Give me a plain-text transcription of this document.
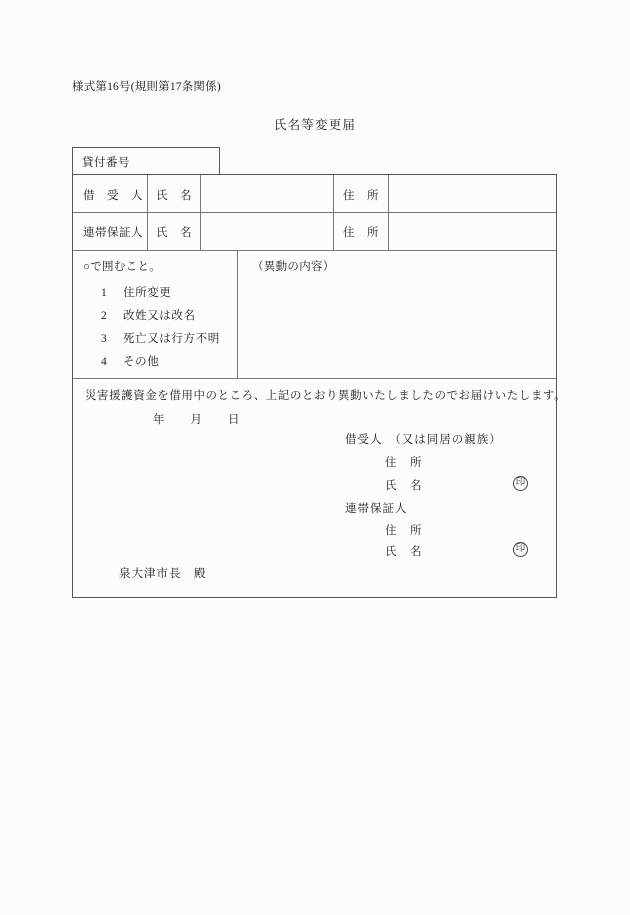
様式第16号(規則第17条関係)
氏名等変更届
貸付番号
借　受　人 氏　名	住　所
連帯保証人 氏　名	住　所
○で囲むこと。
1 住所変更
2 改姓又は改名
3 死亡又は行方不明
4 その他
（異動の内容）
災害援護資金を借用中のところ、上記のとおり異動いたしましたのでお届けいたします。
年 月 日
借受人　（又は同居の親族）
住　所
氏　名	印
連帯保証人
住　所
氏　名	印
泉大津市長　殿
